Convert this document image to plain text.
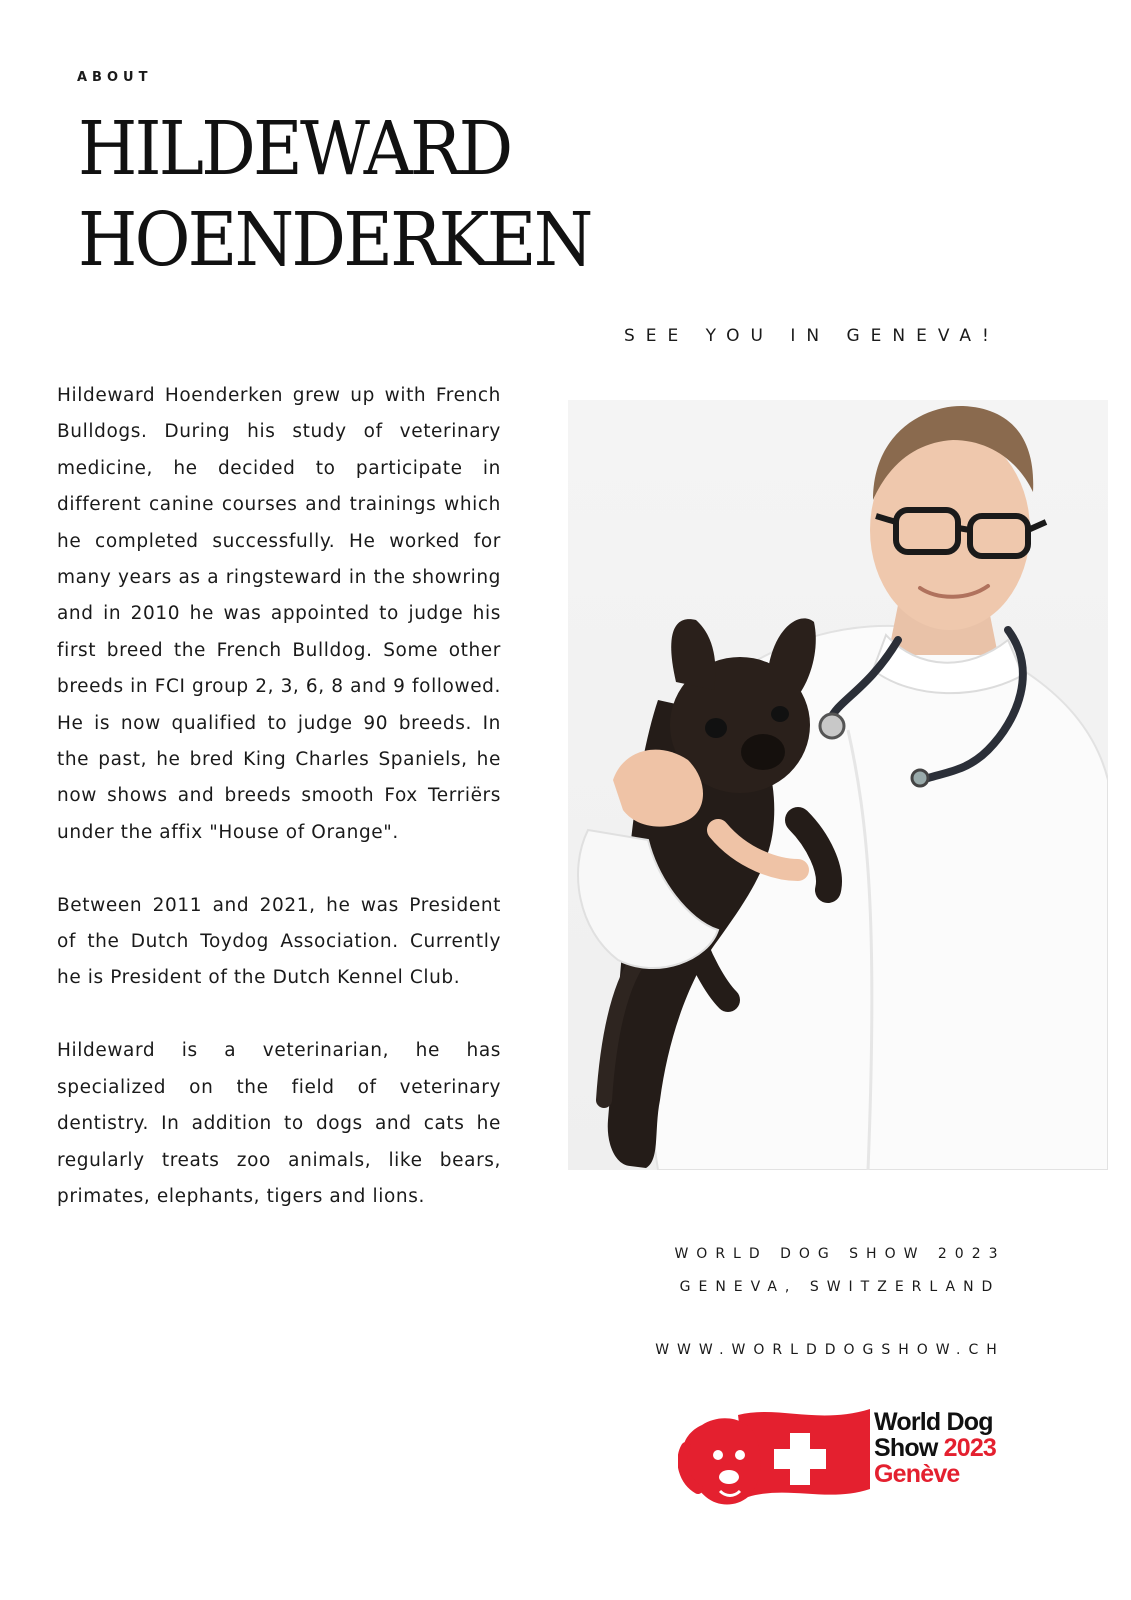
ABOUT
HILDEWARD
HOENDERKEN
SEE YOU IN GENEVA!

Hildeward Hoenderken grew up with French Bulldogs. During his study of veterinary medicine, he decided to participate in different canine courses and trainings which he completed successfully. He worked for many years as a ringsteward in the showring and in 2010 he was appointed to judge his first breed the French Bulldog. Some other breeds in FCI group 2, 3, 6, 8 and 9 followed. He is now qualified to judge 90 breeds. In the past, he bred King Charles Spaniels, he now shows and breeds smooth Fox Terriërs under the affix "House of Orange".

Between 2011 and 2021, he was President of the Dutch Toydog Association. Currently he is President of the Dutch Kennel Club.

Hildeward is a veterinarian, he has specialized on the field of veterinary dentistry. In addition to dogs and cats he regularly treats zoo animals, like bears, primates, elephants, tigers and lions.

WORLD DOG SHOW 2023
GENEVA, SWITZERLAND
WWW.WORLDDOGSHOW.CH
World Dog
Show 2023
Genève
